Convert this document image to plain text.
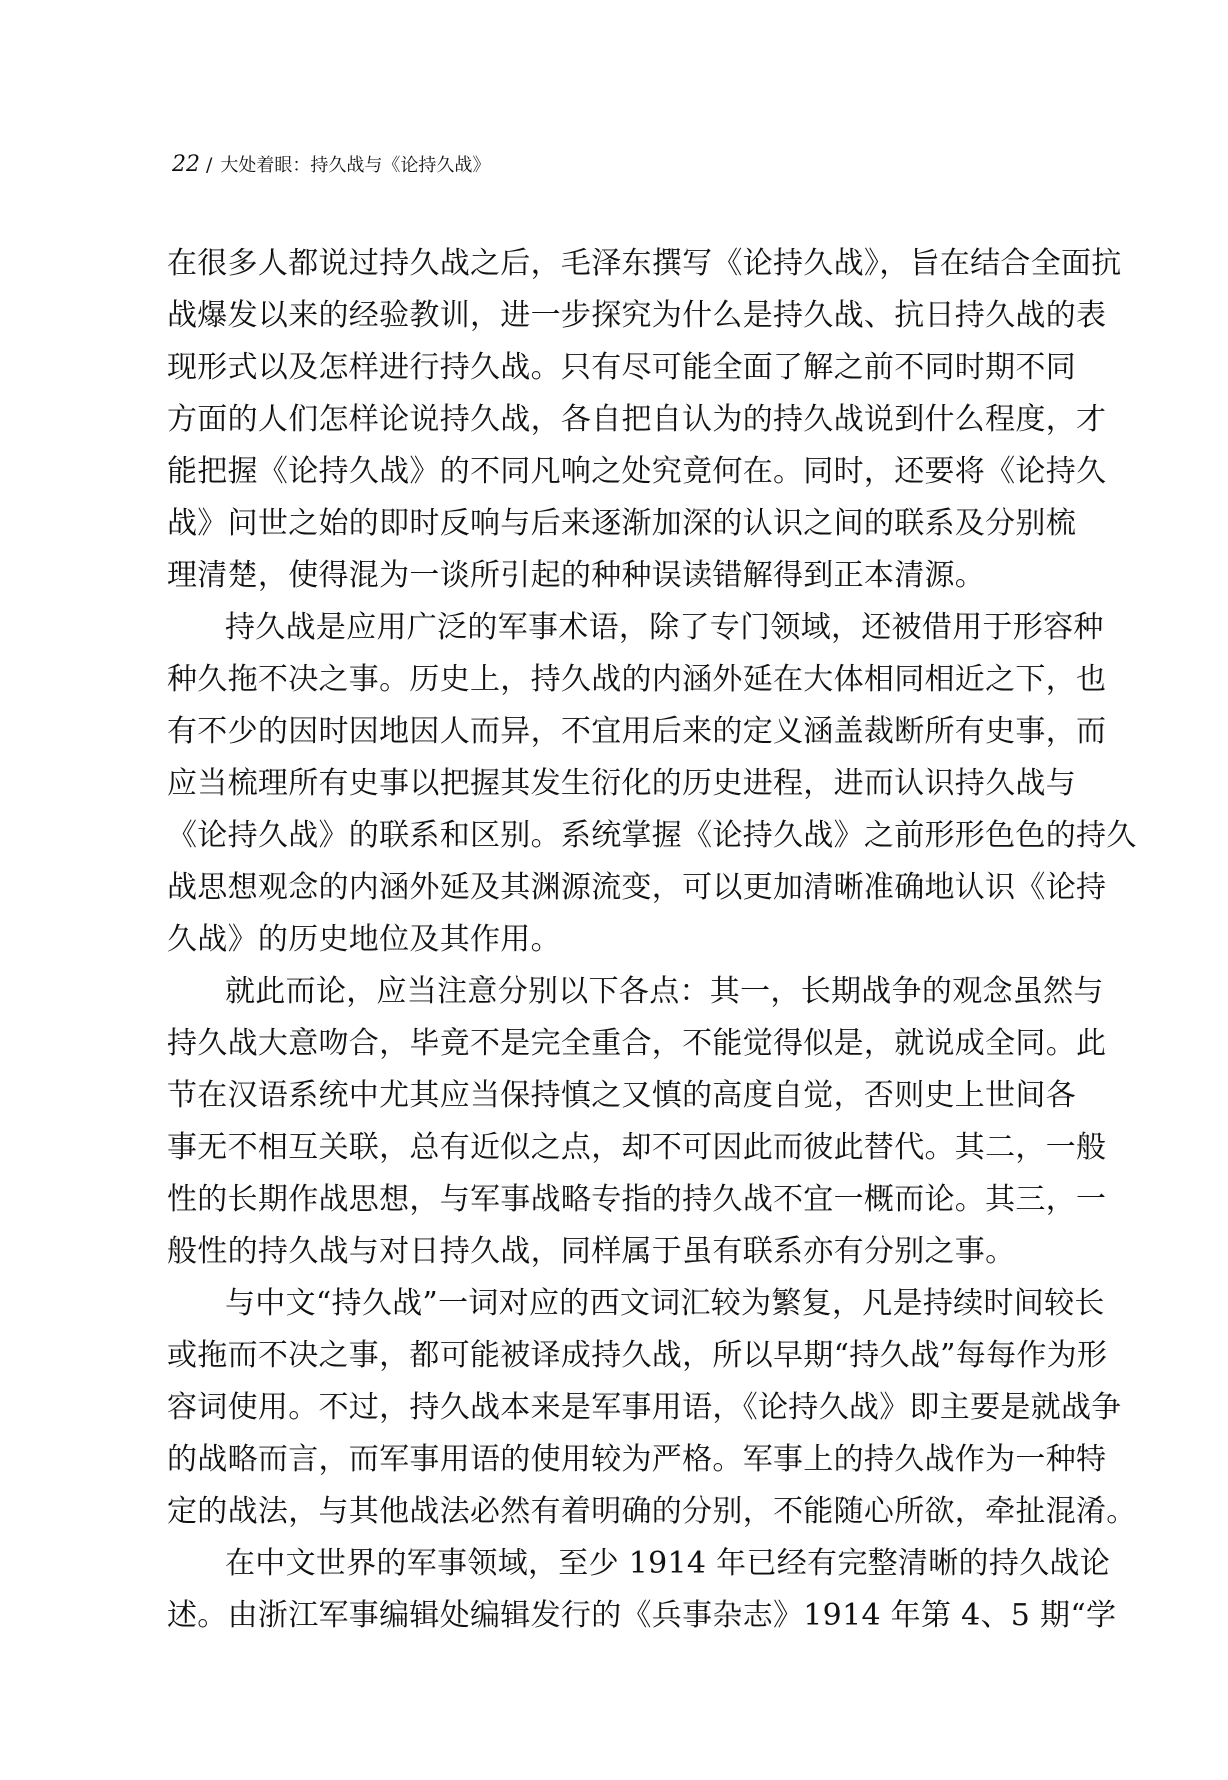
22 / 大处着眼：持久战与《论持久战》
在很多人都说过持久战之后，毛泽东撰写《论持久战》，旨在结合全面抗
战爆发以来的经验教训，进一步探究为什么是持久战、抗日持久战的表
现形式以及怎样进行持久战。只有尽可能全面了解之前不同时期不同
方面的人们怎样论说持久战，各自把自认为的持久战说到什么程度，才
能把握《论持久战》的不同凡响之处究竟何在。同时，还要将《论持久
战》问世之始的即时反响与后来逐渐加深的认识之间的联系及分别梳
理清楚，使得混为一谈所引起的种种误读错解得到正本清源。
持久战是应用广泛的军事术语，除了专门领域，还被借用于形容种
种久拖不决之事。历史上，持久战的内涵外延在大体相同相近之下，也
有不少的因时因地因人而异，不宜用后来的定义涵盖裁断所有史事，而
应当梳理所有史事以把握其发生衍化的历史进程，进而认识持久战与
《论持久战》的联系和区别。系统掌握《论持久战》之前形形色色的持久
战思想观念的内涵外延及其渊源流变，可以更加清晰准确地认识《论持
久战》的历史地位及其作用。
就此而论，应当注意分别以下各点：其一，长期战争的观念虽然与
持久战大意吻合，毕竟不是完全重合，不能觉得似是，就说成全同。此
节在汉语系统中尤其应当保持慎之又慎的高度自觉，否则史上世间各
事无不相互关联，总有近似之点，却不可因此而彼此替代。其二，一般
性的长期作战思想，与军事战略专指的持久战不宜一概而论。其三，一
般性的持久战与对日持久战，同样属于虽有联系亦有分别之事。
与中文“持久战”一词对应的西文词汇较为繁复，凡是持续时间较长
或拖而不决之事，都可能被译成持久战，所以早期“持久战”每每作为形
容词使用。不过，持久战本来是军事用语，《论持久战》即主要是就战争
的战略而言，而军事用语的使用较为严格。军事上的持久战作为一种特
定的战法，与其他战法必然有着明确的分别，不能随心所欲，牵扯混淆。
在中文世界的军事领域，至少 1914 年已经有完整清晰的持久战论
述。由浙江军事编辑处编辑发行的《兵事杂志》1914 年第 4、5 期“学
